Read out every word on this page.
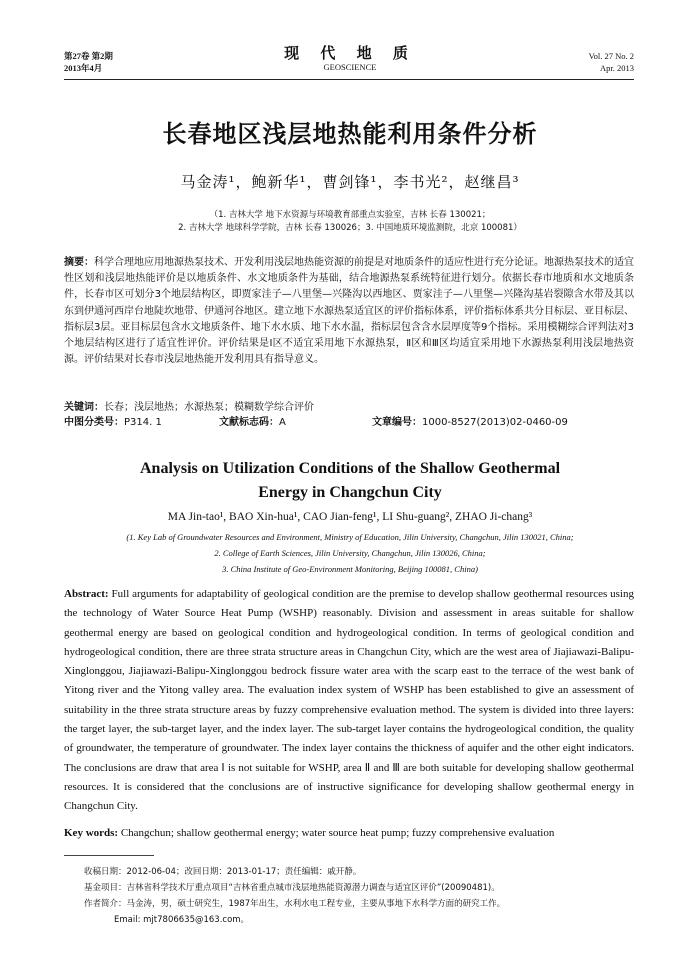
第27卷 第2期
2013年4月
现 代 地 质
GEOSCIENCE
Vol. 27 No. 2
Apr. 2013
长春地区浅层地热能利用条件分析
马金涛¹，鲍新华¹，曹剑锋¹，李书光²，赵继昌³
（1. 吉林大学 地下水资源与环境教育部重点实验室，吉林 长春 130021；
2. 吉林大学 地球科学学院，吉林 长春 130026；3. 中国地质环境监测院，北京 100081）
摘要：科学合理地应用地源热泵技术、开发利用浅层地热能资源的前提是对地质条件的适应性进行充分论证。地源热泵技术的适宜性区划和浅层地热能评价是以地质条件、水文地质条件为基础，结合地源热泵系统特征进行划分。依据长春市地质和水文地质条件，长春市区可划分3个地层结构区，即贾家洼子—八里堡—兴隆沟以西地区、贾家洼子—八里堡—兴隆沟基岩裂隙含水带及其以东到伊通河西岸台地陡坎地带、伊通河谷地区。建立地下水源热泵适宜区的评价指标体系，评价指标体系共分目标层、亚目标层、指标层3层。亚目标层包含水文地质条件、地下水水质、地下水水温，指标层包含含水层厚度等9个指标。采用模糊综合评判法对3个地层结构区进行了适宜性评价。评价结果是Ⅰ区不适宜采用地下水源热泵，Ⅱ区和Ⅲ区均适宜采用地下水源热泵利用浅层地热资源。评价结果对长春市浅层地热能开发利用具有指导意义。
关键词：长春；浅层地热；水源热泵；模糊数学综合评价
中图分类号：P314. 1	文献标志码：A	文章编号：1000-8527(2013)02-0460-09
Analysis on Utilization Conditions of the Shallow Geothermal
Energy in Changchun City
MA Jin-tao¹, BAO Xin-hua¹, CAO Jian-feng¹, LI Shu-guang², ZHAO Ji-chang³
(1. Key Lab of Groundwater Resources and Environment, Ministry of Education, Jilin University, Changchun, Jilin 130021, China;
2. College of Earth Sciences, Jilin University, Changchun, Jilin 130026, China;
3. China Institute of Geo-Environment Monitoring, Beijing 100081, China)
Abstract: Full arguments for adaptability of geological condition are the premise to develop shallow geothermal resources using the technology of Water Source Heat Pump (WSHP) reasonably. Division and assessment in areas suitable for shallow geothermal energy are based on geological condition and hydrogeological condition. In terms of geological condition and hydrogeological condition, there are three strata structure areas in Changchun City, which are the west area of Jiajiawazi-Balipu-Xinglonggou, Jiajiawazi-Balipu-Xinglonggou bedrock fissure water area with the scarp east to the terrace of the west bank of Yitong river and the Yitong valley area. The evaluation index system of WSHP has been established to give an assessment of suitability in the three strata structure areas by fuzzy comprehensive evaluation method. The system is divided into three layers: the target layer, the sub-target layer, and the index layer. The sub-target layer contains the hydrogeological condition, the quality of groundwater, the temperature of groundwater. The index layer contains the thickness of aquifer and the other eight indicators. The conclusions are draw that area Ⅰ is not suitable for WSHP, area Ⅱ and Ⅲ are both suitable for developing shallow geothermal resources. It is considered that the conclusions are of instructive significance for developing shallow geothermal energy in Changchun City.
Key words: Changchun; shallow geothermal energy; water source heat pump; fuzzy comprehensive evaluation
收稿日期：2012-06-04；改回日期：2013-01-17；责任编辑：戚开静。
基金项目：吉林省科学技术厅重点项目“吉林省重点城市浅层地热能资源潜力调查与适宜区评价”(20090481)。
作者简介：马金涛，男，硕士研究生，1987年出生，水利水电工程专业，主要从事地下水科学方面的研究工作。
Email: mjt7806635@163.com。
